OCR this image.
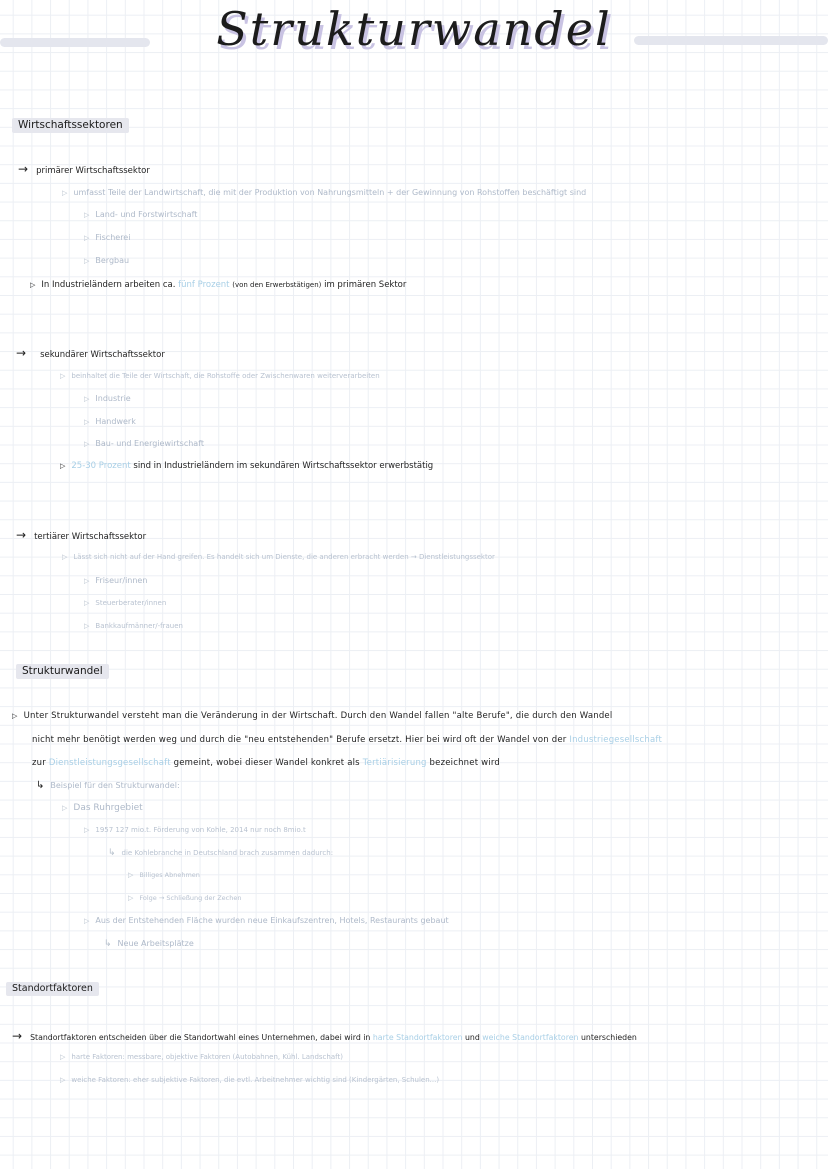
Strukturwandel
Wirtschaftssektoren
→ primärer Wirtschaftssektor
▷ umfasst Teile der Landwirtschaft, die mit der Produktion von Nahrungsmitteln + der Gewinnung von Rohstoffen beschäftigt sind
▷ Land- und Forstwirtschaft
▷ Fischerei
▷ Bergbau
▷ In Industrieländern arbeiten ca. fünf Prozent (von den Erwerbstätigen) im primären Sektor
→ sekundärer Wirtschaftssektor
▷ beinhaltet die Teile der Wirtschaft, die Rohstoffe oder Zwischenwaren weiterverarbeiten
▷ Industrie
▷ Handwerk
▷ Bau- und Energiewirtschaft
▷ 25-30 Prozent sind in Industrieländern im sekundären Wirtschaftssektor erwerbstätig
→ tertiärer Wirtschaftssektor
▷ Lässt sich nicht auf der Hand greifen. Es handelt sich um Dienste, die anderen erbracht werden → Dienstleistungssektor
▷ Friseur/innen
▷ Steuerberater/innen
▷ Bankkaufmänner/-frauen
Strukturwandel
▷ Unter Strukturwandel versteht man die Veränderung in der Wirtschaft. Durch den Wandel fallen "alte Berufe", die durch den Wandel
nicht mehr benötigt werden weg und durch die "neu entstehenden" Berufe ersetzt. Hier bei wird oft der Wandel von der Industriegesellschaft
zur Dienstleistungsgesellschaft gemeint, wobei dieser Wandel konkret als Tertiärisierung bezeichnet wird
↳ Beispiel für den Strukturwandel:
▷ Das Ruhrgebiet
▷ 1957 127 mio.t. Förderung von Kohle, 2014 nur noch 8mio.t
↳ die Kohlebranche in Deutschland brach zusammen dadurch:
▷ Billiges Abnehmen
▷ Folge → Schließung der Zechen
▷ Aus der Entstehenden Fläche wurden neue Einkaufszentren, Hotels, Restaurants gebaut
↳ Neue Arbeitsplätze
Standortfaktoren
→ Standortfaktoren entscheiden über die Standortwahl eines Unternehmen, dabei wird in harte Standortfaktoren und weiche Standortfaktoren unterschieden
▷ harte Faktoren: messbare, objektive Faktoren (Autobahnen, Kühl. Landschaft)
▷ weiche Faktoren: eher subjektive Faktoren, die evtl. Arbeitnehmer wichtig sind (Kindergärten, Schulen...)
